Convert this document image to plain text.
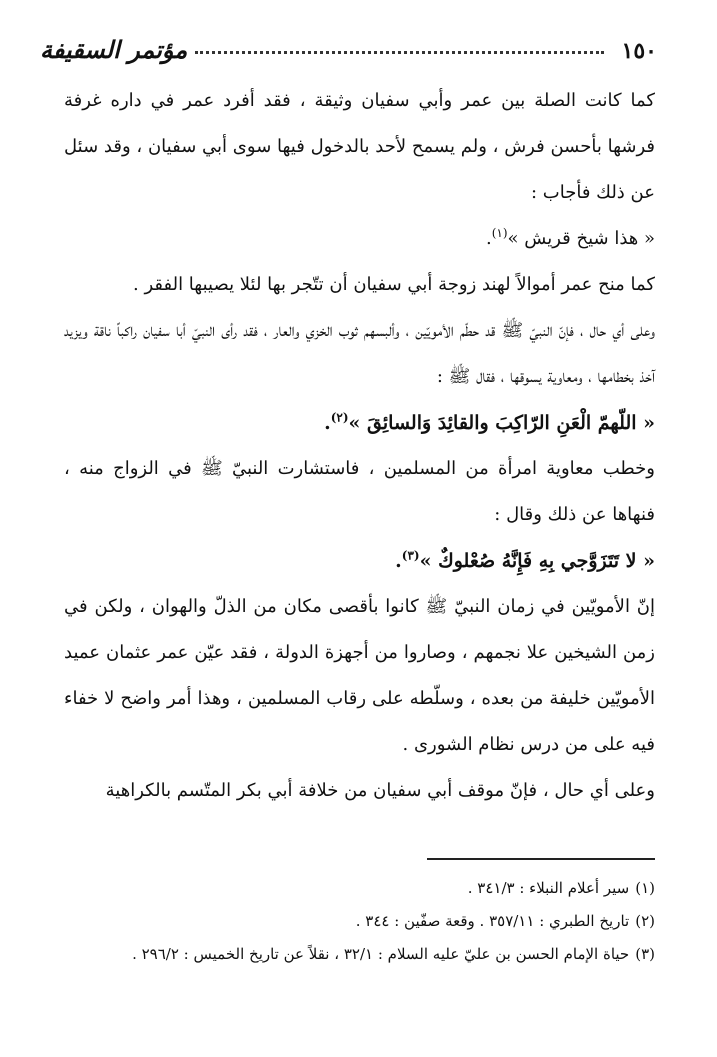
١٥٠
مؤتمر السقيفة

كما كانت الصلة بين عمر وأبي سفيان وثيقة ، فقد أفرد عمر في داره غرفة فرشها بأحسن فرش ، ولم يسمح لأحد بالدخول فيها سوى أبي سفيان ، وقد سئل عن ذلك فأجاب :

« هذا شيخ قريش »$^{(١)}$.

كما منح عمر أموالاً لهند زوجة أبي سفيان أن تتّجر بها لئلا يصيبها الفقر .

وعلى أي حال ، فإنّ النبيّ ﷺ قد حطّم الأمويّين ، وألبسهم ثوب الخزي والعار ، فقد رأى النبيّ أبا سفيان راكباً ناقة ويزيد آخذ بخطامها ، ومعاوية يسوقها ، فقال ﷺ :

« اللّهمّ الْعَنِ الرّاكِبَ والقائِدَ وَالسائِقَ »$^{(٢)}$.

وخطب معاوية امرأة من المسلمين ، فاستشارت النبيّ ﷺ في الزواج منه ، فنهاها عن ذلك وقال :

« لا تَتَزَوَّجي بِهِ فَإِنَّهُ صُعْلوكٌ »$^{(٣)}$.

إنّ الأمويّين في زمان النبيّ ﷺ كانوا بأقصى مكان من الذلّ والهوان ، ولكن في زمن الشيخين علا نجمهم ، وصاروا من أجهزة الدولة ، فقد عيّن عمر عثمان عميد الأمويّين خليفة من بعده ، وسلّطه على رقاب المسلمين ، وهذا أمر واضح لا خفاء فيه على من درس نظام الشورى .

وعلى أي حال ، فإنّ موقف أبي سفيان من خلافة أبي بكر المتّسم بالكراهية

(١)سير أعلام النبلاء : ٣٤١/٣ .
(٢)تاريخ الطبري : ٣٥٧/١١ . وقعة صفّين : ٣٤٤ .
(٣)حياة الإمام الحسن بن عليّ عليه السلام : ٣٢/١ ، نقلاً عن تاريخ الخميس : ٢٩٦/٢ .
